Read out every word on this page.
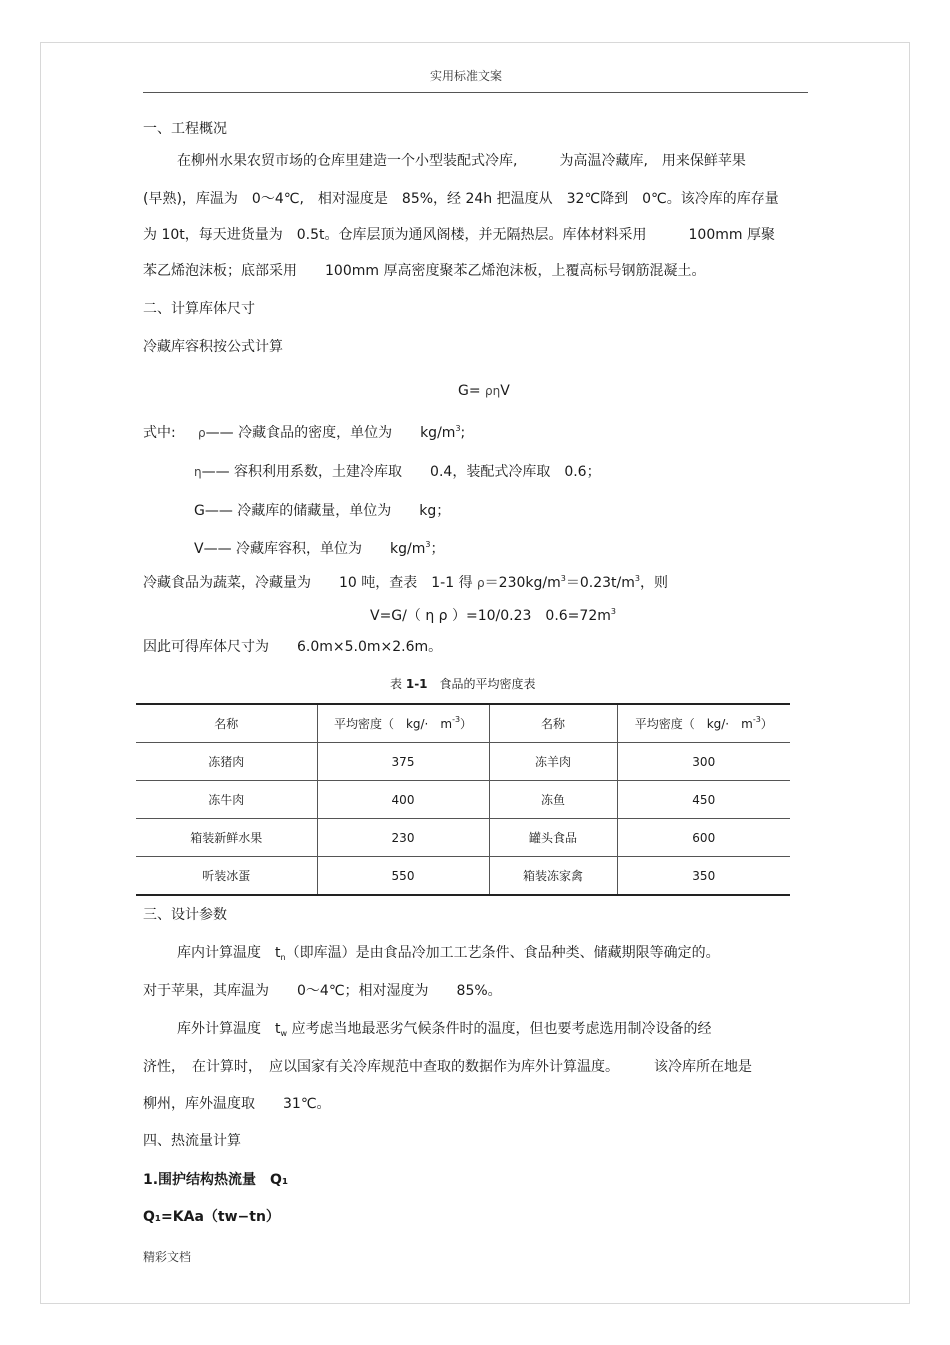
实用标准文案
一、工程概况
在柳州水果农贸市场的仓库里建造一个小型装配式冷库,　　　为高温冷藏库,　用来保鲜苹果
(早熟)，库温为　0～4℃,　相对湿度是　85%，经 24h 把温度从　32℃降到　0℃。该冷库的库存量
为 10t，每天进货量为　0.5t。仓库层顶为通风阁楼，并无隔热层。库体材料采用　　　100mm 厚聚
苯乙烯泡沫板；底部采用　　100mm 厚高密度聚苯乙烯泡沫板，上覆高标号钢筋混凝土。
二、计算库体尺寸
冷藏库容积按公式计算
G= ρηV
式中: ρ—— 冷藏食品的密度，单位为　　$kg/m^3$;
η—— 容积利用系数，土建冷库取　　0.4，装配式冷库取　0.6；
G—— 冷藏库的储藏量，单位为　　kg；
V—— 冷藏库容积，单位为　　$kg/m^3$；
冷藏食品为蔬菜，冷藏量为　　10 吨，查表　1-1 得 $\rho=230kg/m^3=0.23t/m^3$，则
V=G/（ η ρ ）=10/0.23　$0.6=72m^3$
因此可得库体尺寸为　　6.0m×5.0m×2.6m。
表 1-1　 食品的平均密度表
名称	平均密度（　kg/·　$m^{-3}$）	名称	平均密度（　kg/·　$m^{-3}$）
冻猪肉	375	冻羊肉	300
冻牛肉	400	冻鱼	450
箱装新鲜水果	230	罐头食品	600
听装冰蛋	550	箱装冻家禽	350
三、设计参数
库内计算温度　$t_n$（即库温）是由食品冷加工工艺条件、食品种类、储藏期限等确定的。
对于苹果，其库温为　　0～4℃；相对湿度为　　85%。
库外计算温度　$t_w$ 应考虑当地最恶劣气候条件时的温度，但也要考虑选用制冷设备的经
济性，　在计算时，　应以国家有关冷库规范中查取的数据作为库外计算温度。　　　该冷库所在地是
柳州，库外温度取　　31℃。
四、热流量计算
1.围护结构热流量　Q₁
Q₁=KAa（tw−tn）
精彩文档
